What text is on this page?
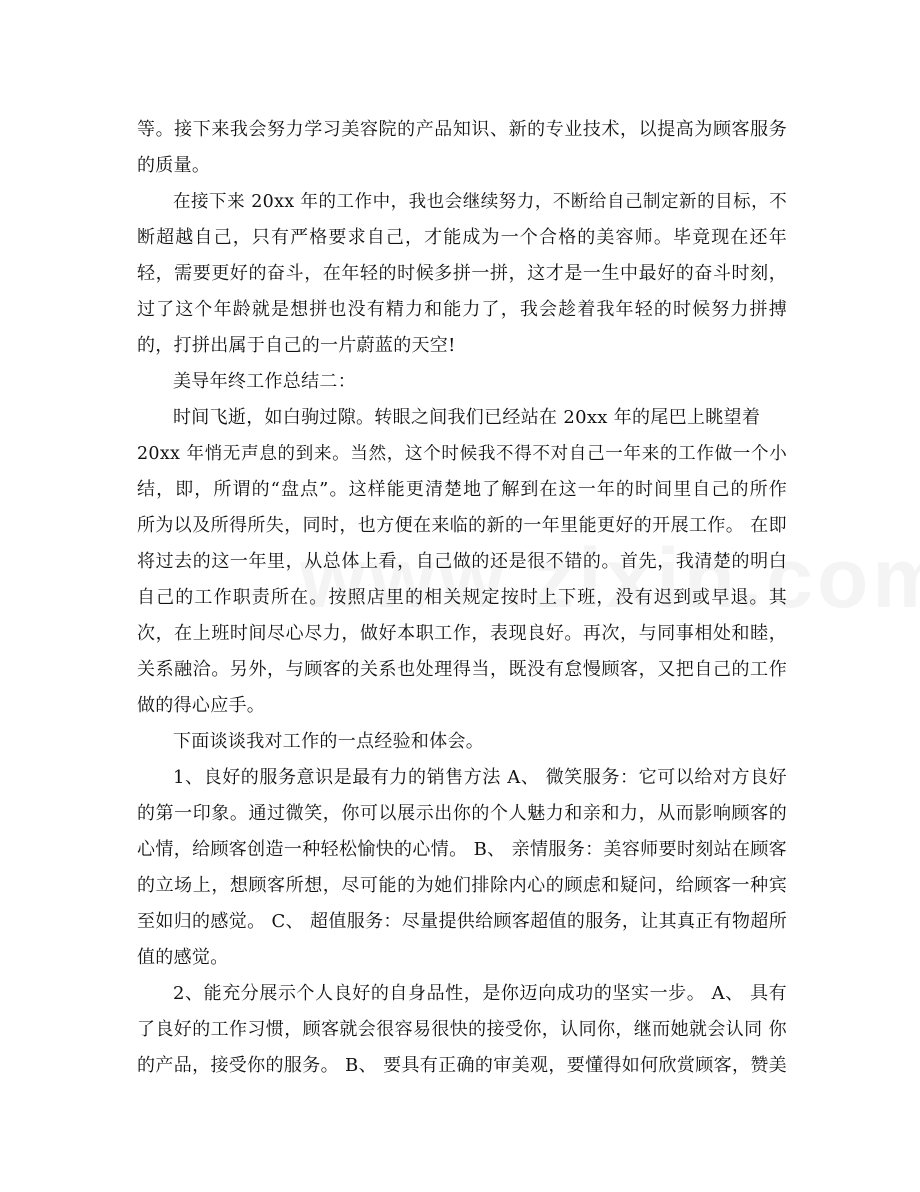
等。接下来我会努力学习美容院的产品知识、新的专业技术，以提高为顾客服务
的质量。
在接下来 20xx 年的工作中，我也会继续努力，不断给自己制定新的目标，不
断超越自己，只有严格要求自己，才能成为一个合格的美容师。毕竟现在还年
轻，需要更好的奋斗，在年轻的时候多拼一拼，这才是一生中最好的奋斗时刻，
过了这个年龄就是想拼也没有精力和能力了，我会趁着我年轻的时候努力拼搏
的，打拼出属于自己的一片蔚蓝的天空!
美导年终工作总结二：
时间飞逝，如白驹过隙。转眼之间我们已经站在 20xx 年的尾巴上眺望着
20xx 年悄无声息的到来。当然，这个时候我不得不对自己一年来的工作做一个小
结，即，所谓的“盘点”。这样能更清楚地了解到在这一年的时间里自己的所作
所为以及所得所失，同时，也方便在来临的新的一年里能更好的开展工作。 在即
将过去的这一年里，从总体上看，自己做的还是很不错的。首先，我清楚的明白
自己的工作职责所在。按照店里的相关规定按时上下班，没有迟到或早退。其
次，在上班时间尽心尽力，做好本职工作，表现良好。再次，与同事相处和睦，
关系融洽。另外，与顾客的关系也处理得当，既没有怠慢顾客，又把自己的工作
做的得心应手。
下面谈谈我对工作的一点经验和体会。
1、良好的服务意识是最有力的销售方法 A、 微笑服务：它可以给对方良好
的第一印象。通过微笑，你可以展示出你的个人魅力和亲和力，从而影响顾客的
心情，给顾客创造一种轻松愉快的心情。 B、 亲情服务：美容师要时刻站在顾客
的立场上，想顾客所想，尽可能的为她们排除内心的顾虑和疑问，给顾客一种宾
至如归的感觉。 C、 超值服务：尽量提供给顾客超值的服务，让其真正有物超所
值的感觉。
2、能充分展示个人良好的自身品性，是你迈向成功的坚实一步。 A、 具有
了良好的工作习惯，顾客就会很容易很快的接受你，认同你，继而她就会认同 你
的产品，接受你的服务。 B、 要具有正确的审美观，要懂得如何欣赏顾客，赞美
